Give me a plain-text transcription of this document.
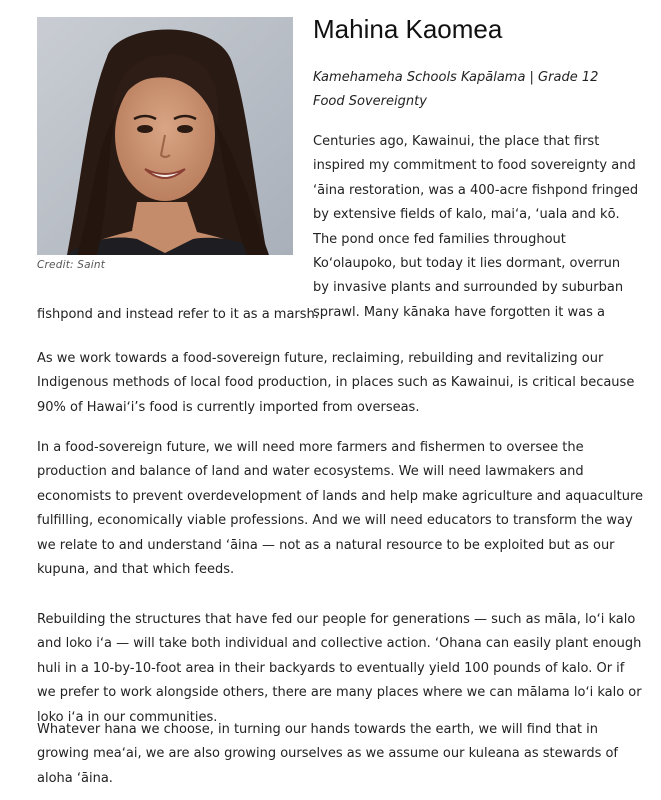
Credit: Saint
Mahina Kaomea
Kamehameha Schools Kapālama | Grade 12
Food Sovereignty
Centuries ago, Kawainui, the place that first
inspired my commitment to food sovereignty and
ʻāina restoration, was a 400-acre fishpond fringed
by extensive fields of kalo, maiʻa, ʻuala and kō.
The pond once fed families throughout
Koʻolaupoko, but today it lies dormant, overrun
by invasive plants and surrounded by suburban
sprawl. Many kānaka have forgotten it was a
fishpond and instead refer to it as a marsh.
As we work towards a food-sovereign future, reclaiming, rebuilding and revitalizing our
Indigenous methods of local food production, in places such as Kawainui, is critical because
90% of Hawaiʻi’s food is currently imported from overseas.
In a food-sovereign future, we will need more farmers and fishermen to oversee the
production and balance of land and water ecosystems. We will need lawmakers and
economists to prevent overdevelopment of lands and help make agriculture and aquaculture
fulfilling, economically viable professions. And we will need educators to transform the way
we relate to and understand ʻāina — not as a natural resource to be exploited but as our
kupuna, and that which feeds.
Rebuilding the structures that have fed our people for generations — such as māla, loʻi kalo
and loko iʻa — will take both individual and collective action. ʻOhana can easily plant enough
huli in a 10-by-10-foot area in their backyards to eventually yield 100 pounds of kalo. Or if
we prefer to work alongside others, there are many places where we can mālama loʻi kalo or
loko iʻa in our communities.
Whatever hana we choose, in turning our hands towards the earth, we will find that in
growing meaʻai, we are also growing ourselves as we assume our kuleana as stewards of
aloha ʻāina.
